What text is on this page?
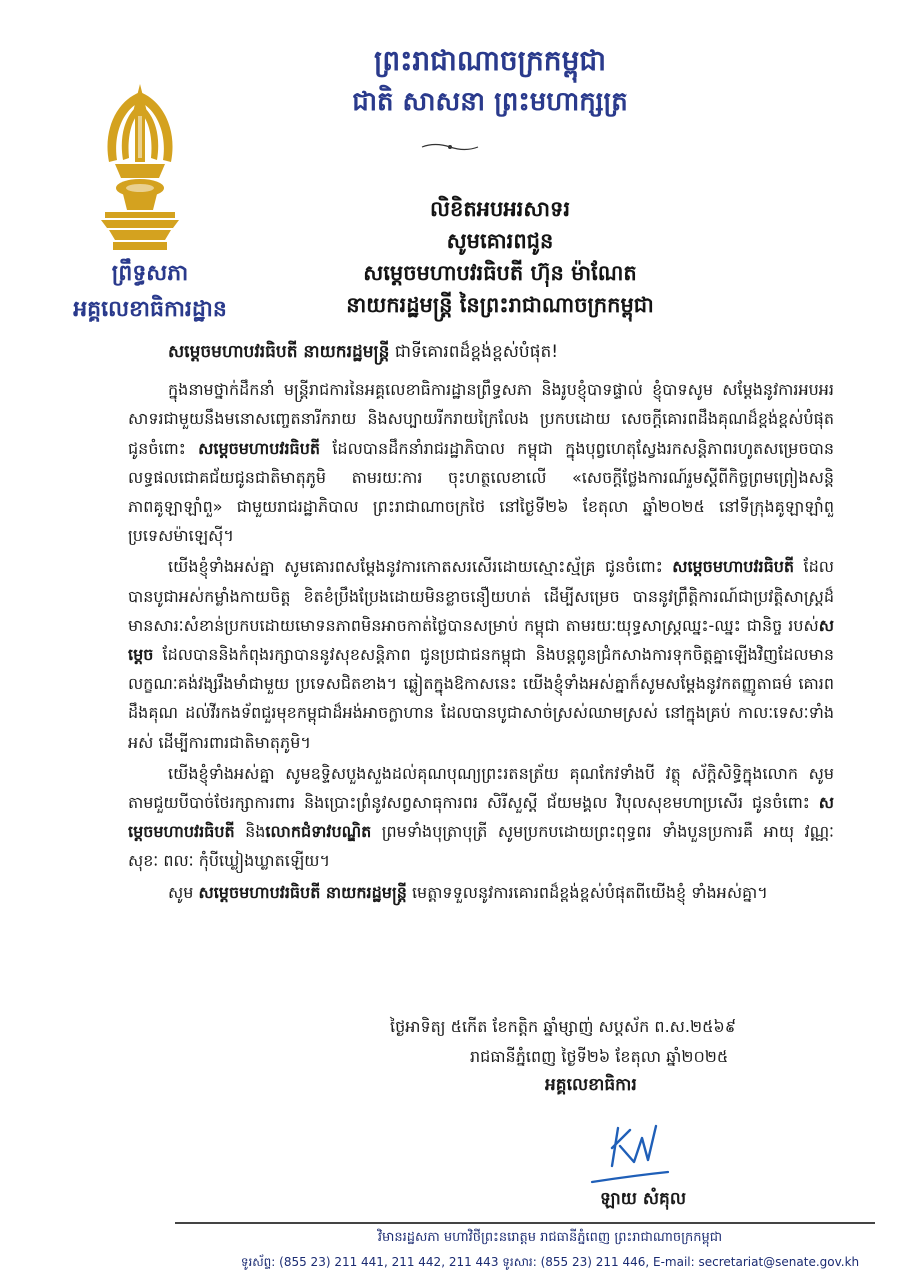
ព្រះរាជាណាចក្រកម្ពុជា
ជាតិ សាសនា ព្រះមហាក្សត្រ
ព្រឹទ្ធសភា
អគ្គលេខាធិការដ្ឋាន
លិខិតអបអរសាទរ
សូមគោរពជូន
សម្តេចមហាបវរធិបតី ហ៊ុន ម៉ាណែត
នាយករដ្ឋមន្ត្រី នៃព្រះរាជាណាចក្រកម្ពុជា
សម្តេចមហាបវរធិបតី នាយករដ្ឋមន្ត្រី ជាទីគោរពដ៏ខ្ពង់ខ្ពស់បំផុត!
ក្នុងនាមថ្នាក់ដឹកនាំ មន្ត្រីរាជការនៃអគ្គលេខាធិការដ្ឋានព្រឹទ្ធសភា និងរូបខ្ញុំបាទផ្ទាល់ ខ្ញុំបាទសូម សម្តែងនូវការអបអរសាទរជាមួយនឹងមនោសញ្ចេតនារីករាយ និងសប្បាយរីករាយក្រៃលែង ប្រកបដោយ សេចក្តីគោរពដឹងគុណដ៏ខ្ពង់ខ្ពស់បំផុត ជូនចំពោះ សម្តេចមហាបវរធិបតី ដែលបានដឹកនាំរាជរដ្ឋាភិបាល កម្ពុជា ក្នុងបុព្វហេតុស្វែងរកសន្តិភាពរហូតសម្រេចបានលទ្ធផលជោគជ័យជូនជាតិមាតុភូមិ តាមរយៈការ ចុះហត្ថលេខាលើ «សេចក្តីថ្លែងការណ៍រួមស្តីពីកិច្ចព្រមព្រៀងសន្តិភាពគូឡាឡាំពួ» ជាមួយរាជរដ្ឋាភិបាល ព្រះរាជាណាចក្រថៃ នៅថ្ងៃទី២៦ ខែតុលា ឆ្នាំ២០២៥ នៅទីក្រុងគូឡាឡាំពួ ប្រទេសម៉ាឡេស៊ី។
យើងខ្ញុំទាំងអស់គ្នា សូមគោរពសម្តែងនូវការកោតសរសើរដោយស្មោះស្ម័គ្រ ជូនចំពោះ សម្តេចមហាបវរធិបតី ដែលបានបូជាអស់កម្លាំងកាយចិត្ត ខិតខំប្រឹងប្រែងដោយមិនខ្លាចនឿយហត់ ដើម្បីសម្រេច បាននូវព្រឹត្តិការណ៍ជាប្រវត្តិសាស្ត្រដ៏មានសារៈសំខាន់ប្រកបដោយមោទនភាពមិនអាចកាត់ថ្លៃបានសម្រាប់ កម្ពុជា តាមរយៈយុទ្ធសាស្ត្រឈ្នះ-ឈ្នះ ជានិច្ច របស់សម្តេច ដែលបាននិងកំពុងរក្សាបាននូវសុខសន្តិភាព ជូនប្រជាជនកម្ពុជា និងបន្តពូនជ្រំកសាងការទុកចិត្តគ្នាឡើងវិញដែលមានលក្ខណៈគង់វង្សរឹងមាំជាមួយ ប្រទេសជិតខាង។ ឆ្លៀតក្នុងឱកាសនេះ យើងខ្ញុំទាំងអស់គ្នាក៏សូមសម្តែងនូវកតញ្ញូតាធម៌ គោរពដឹងគុណ ដល់វីរកងទ័ពជួរមុខកម្ពុជាដ៏អង់អាចក្លាហាន ដែលបានបូជាសាច់ស្រស់ឈាមស្រស់ នៅក្នុងគ្រប់ កាលៈទេសៈទាំងអស់ ដើម្បីការពារជាតិមាតុភូមិ។
យើងខ្ញុំទាំងអស់គ្នា សូមឧទ្ទិសបួងសួងដល់គុណបុណ្យព្រះរតនត្រ័យ គុណកែវទាំងបី វត្ថុ ស័ក្តិសិទ្ធិក្នុងលោក សូមតាមជួយបីបាច់ថែរក្សាការពារ និងប្រោះព្រំនូវសព្វសាធុការពរ សិរីសួស្តី ជ័យមង្គល វិបុលសុខមហាប្រសើរ ជូនចំពោះ សម្តេចមហាបវរធិបតី និងលោកជំទាវបណ្ឌិត ព្រមទាំងបុត្រាបុត្រី សូមប្រកបដោយព្រះពុទ្ធពរ ទាំងបួនប្រការគឺ អាយុ វណ្ណៈ សុខៈ ពលៈ កុំបីឃ្លៀងឃ្លាតឡើយ។
សូម សម្តេចមហាបវរធិបតី នាយករដ្ឋមន្ត្រី មេត្តាទទួលនូវការគោរពដ៏ខ្ពង់ខ្ពស់បំផុតពីយើងខ្ញុំ ទាំងអស់គ្នា។
ថ្ងៃអាទិត្យ ៥កើត ខែកត្តិក ឆ្នាំម្សាញ់ សប្តស័ក ព.ស.២៥៦៩
រាជធានីភ្នំពេញ ថ្ងៃទី២៦ ខែតុលា ឆ្នាំ២០២៥
អគ្គលេខាធិការ
ឡាយ សំគុល
វិមានរដ្ឋសភា មហាវិថីព្រះនរោត្តម រាជធានីភ្នំពេញ ព្រះរាជាណាចក្រកម្ពុជា
ទូរស័ព្ទ: (855 23) 211 441, 211 442, 211 443 ទូរសារ: (855 23) 211 446, E-mail: secretariat@senate.gov.kh
